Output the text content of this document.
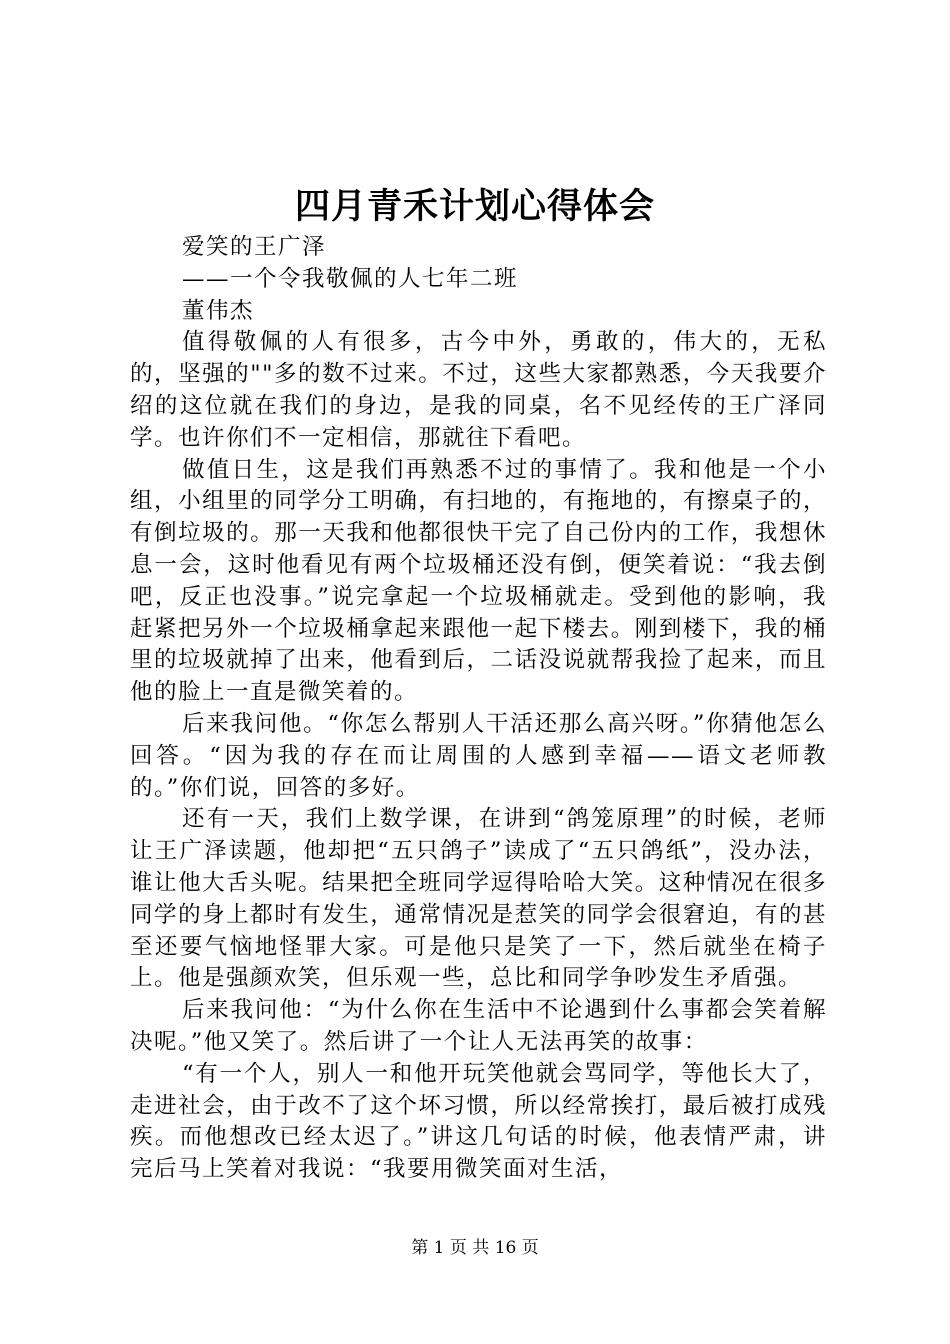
四月青禾计划心得体会

爱笑的王广泽

——一个令我敬佩的人七年二班

董伟杰

值得敬佩的人有很多，古今中外，勇敢的，伟大的，无私的，坚强的""多的数不过来。不过，这些大家都熟悉，今天我要介绍的这位就在我们的身边，是我的同桌，名不见经传的王广泽同学。也许你们不一定相信，那就往下看吧。

做值日生，这是我们再熟悉不过的事情了。我和他是一个小组，小组里的同学分工明确，有扫地的，有拖地的，有擦桌子的，有倒垃圾的。那一天我和他都很快干完了自己份内的工作，我想休息一会，这时他看见有两个垃圾桶还没有倒，便笑着说：“我去倒吧，反正也没事。”说完拿起一个垃圾桶就走。受到他的影响，我赶紧把另外一个垃圾桶拿起来跟他一起下楼去。刚到楼下，我的桶里的垃圾就掉了出来，他看到后，二话没说就帮我捡了起来，而且他的脸上一直是微笑着的。

后来我问他。“你怎么帮别人干活还那么高兴呀。”你猜他怎么回答。“因为我的存在而让周围的人感到幸福——语文老师教的。”你们说，回答的多好。

还有一天，我们上数学课，在讲到“鸽笼原理”的时候，老师让王广泽读题，他却把“五只鸽子”读成了“五只鸽纸”，没办法，谁让他大舌头呢。结果把全班同学逗得哈哈大笑。这种情况在很多同学的身上都时有发生，通常情况是惹笑的同学会很窘迫，有的甚至还要气恼地怪罪大家。可是他只是笑了一下，然后就坐在椅子上。他是强颜欢笑，但乐观一些，总比和同学争吵发生矛盾强。

后来我问他：“为什么你在生活中不论遇到什么事都会笑着解决呢。”他又笑了。然后讲了一个让人无法再笑的故事：

“有一个人，别人一和他开玩笑他就会骂同学，等他长大了，走进社会，由于改不了这个坏习惯，所以经常挨打，最后被打成残疾。而他想改已经太迟了。”讲这几句话的时候，他表情严肃，讲完后马上笑着对我说：“我要用微笑面对生活，

第 1 页 共 16 页
